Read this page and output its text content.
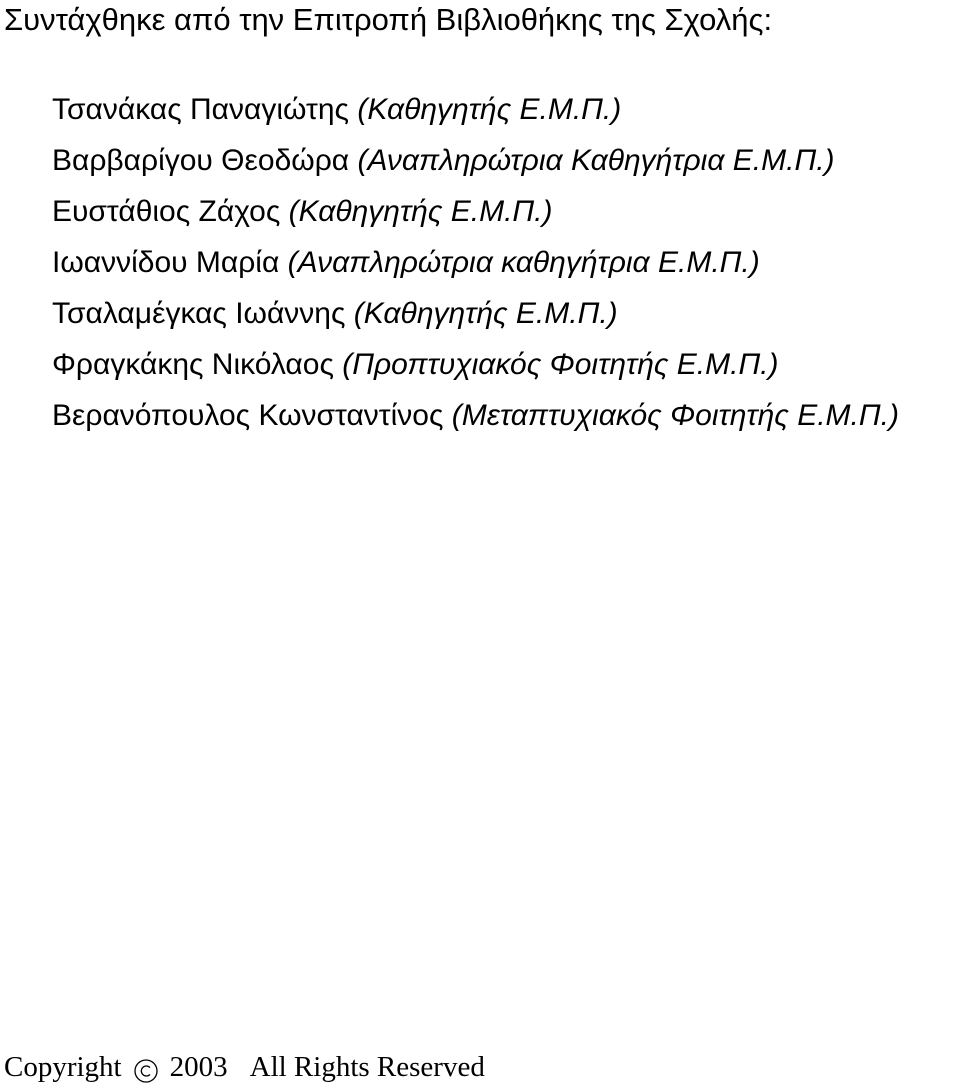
Συντάχθηκε από την Επιτροπή Βιβλιοθήκης της Σχολής:
Τσανάκας Παναγιώτης (Καθηγητής Ε.Μ.Π.)
Βαρβαρίγου Θεοδώρα (Αναπληρώτρια Καθηγήτρια Ε.Μ.Π.)
Ευστάθιος Ζάχος (Καθηγητής Ε.Μ.Π.)
Ιωαννίδου Μαρία (Αναπληρώτρια καθηγήτρια Ε.Μ.Π.)
Τσαλαμέγκας Ιωάννης (Καθηγητής Ε.Μ.Π.)
Φραγκάκης Νικόλαος (Προπτυχιακός Φοιτητής Ε.Μ.Π.)
Βερανόπουλος Κωνσταντίνος (Μεταπτυχιακός Φοιτητής Ε.Μ.Π.)
Copyright 2003 All Rights Reserved
